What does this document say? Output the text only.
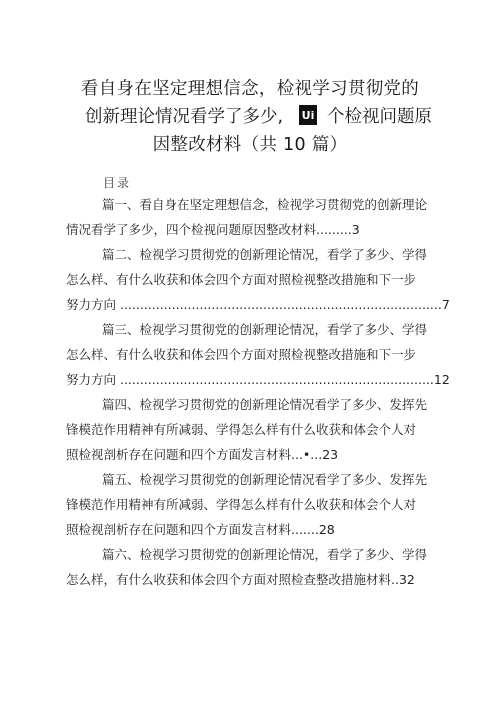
看自身在坚定理想信念，检视学习贯彻党的
创新理论情况看学了多少, Ui 个检视问题原
因整改材料（共 10 篇）
目录
篇一、看自身在坚定理想信念，检视学习贯彻党的创新理论
情况看学了多少，四个检视问题原因整改材料.........3
篇二、检视学习贯彻党的创新理论情况，看学了多少、学得
怎么样、有什么收获和体会四个方面对照检视整改措施和下一步
努力方向 .................................................................................7
篇三、检视学习贯彻党的创新理论情况，看学了多少、学得
怎么样、有什么收获和体会四个方面对照检视整改措施和下一步
努力方向 ...............................................................................12
篇四、检视学习贯彻党的创新理论情况看学了多少、发挥先
锋模范作用精神有所减弱、学得怎么样有什么收获和体会个人对
照检视剖析存在问题和四个方面发言材料...•...23
篇五、检视学习贯彻党的创新理论情况看学了多少、发挥先
锋模范作用精神有所减弱、学得怎么样有什么收获和体会个人对
照检视剖析存在问题和四个方面发言材料.......28
篇六、检视学习贯彻党的创新理论情况，看学了多少、学得
怎么样，有什么收获和体会四个方面对照检查整改措施材料..32
